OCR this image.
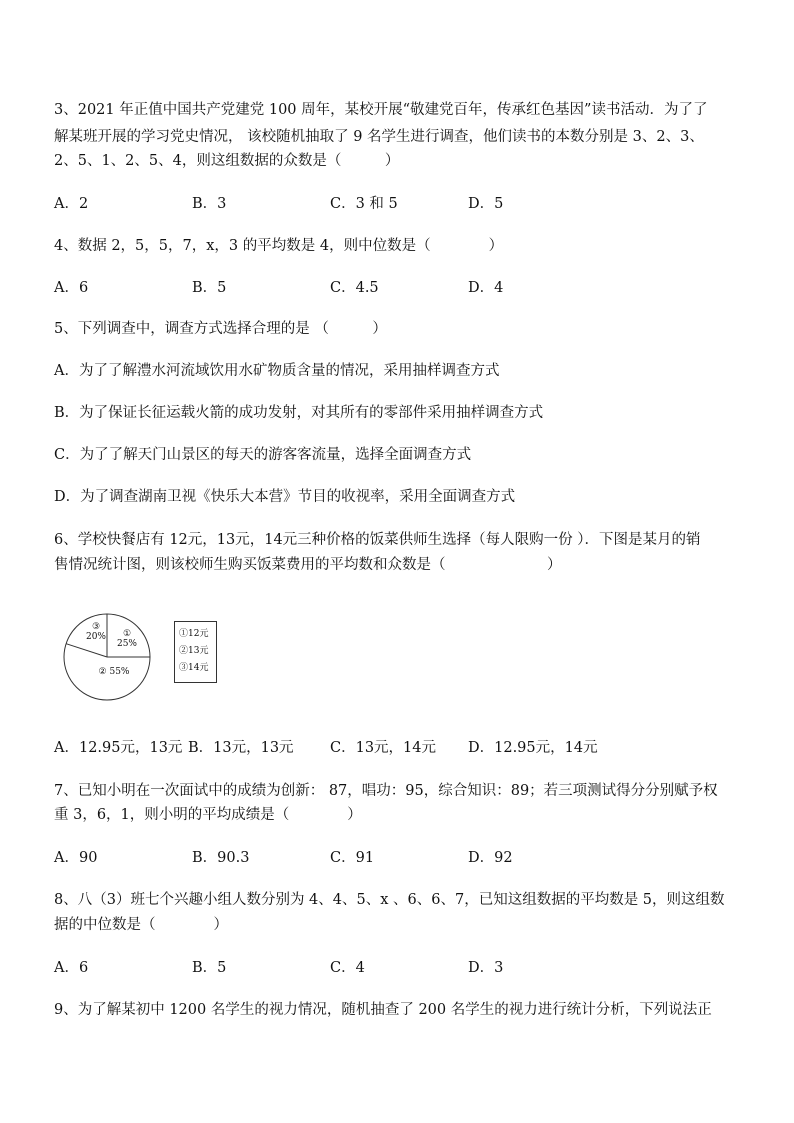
3、2021 年正值中国共产党建党 100 周年，某校开展“敬建党百年，传承红色基因”读书活动．为了了
解某班开展的学习党史情况， 该校随机抽取了 9 名学生进行调查，他们读书的本数分别是 3、2、3、
2、5、1、2、5、4，则这组数据的众数是（　　　）
A．2	B．3	C．3 和 5	D．5
4、数据 2，5，5，7，x，3 的平均数是 4，则中位数是（　　　　）
A．6	B．5	C．4.5	D．4
5、下列调查中，调查方式选择合理的是 （　　　）
A．为了了解澧水河流域饮用水矿物质含量的情况，采用抽样调查方式
B．为了保证长征运载火箭的成功发射，对其所有的零部件采用抽样调查方式
C．为了了解天门山景区的每天的游客客流量，选择全面调查方式
D．为了调查湖南卫视《快乐大本营》节目的收视率，采用全面调查方式
6、学校快餐店有 12元，13元，14元三种价格的饭菜供师生选择（每人限购一份 ）．下图是某月的销
售情况统计图，则该校师生购买饭菜费用的平均数和众数是（　　　　　　　）
①
25%
③
20%
② 55%
①12元
②13元
③14元
A．12.95元，13元 B．13元，13元	C．13元，14元 D．12.95元，14元
7、已知小明在一次面试中的成绩为创新： 87，唱功：95，综合知识：89；若三项测试得分分别赋予权
重 3，6，1，则小明的平均成绩是（　　　　）
A．90	B．90.3	C．91	D．92
8、八（3）班七个兴趣小组人数分别为 4、4、5、x 、6、6、7，已知这组数据的平均数是 5，则这组数
据的中位数是（　　　　）
A．6	B．5	C．4	D．3
9、为了解某初中 1200 名学生的视力情况，随机抽查了 200 名学生的视力进行统计分析，下列说法正
